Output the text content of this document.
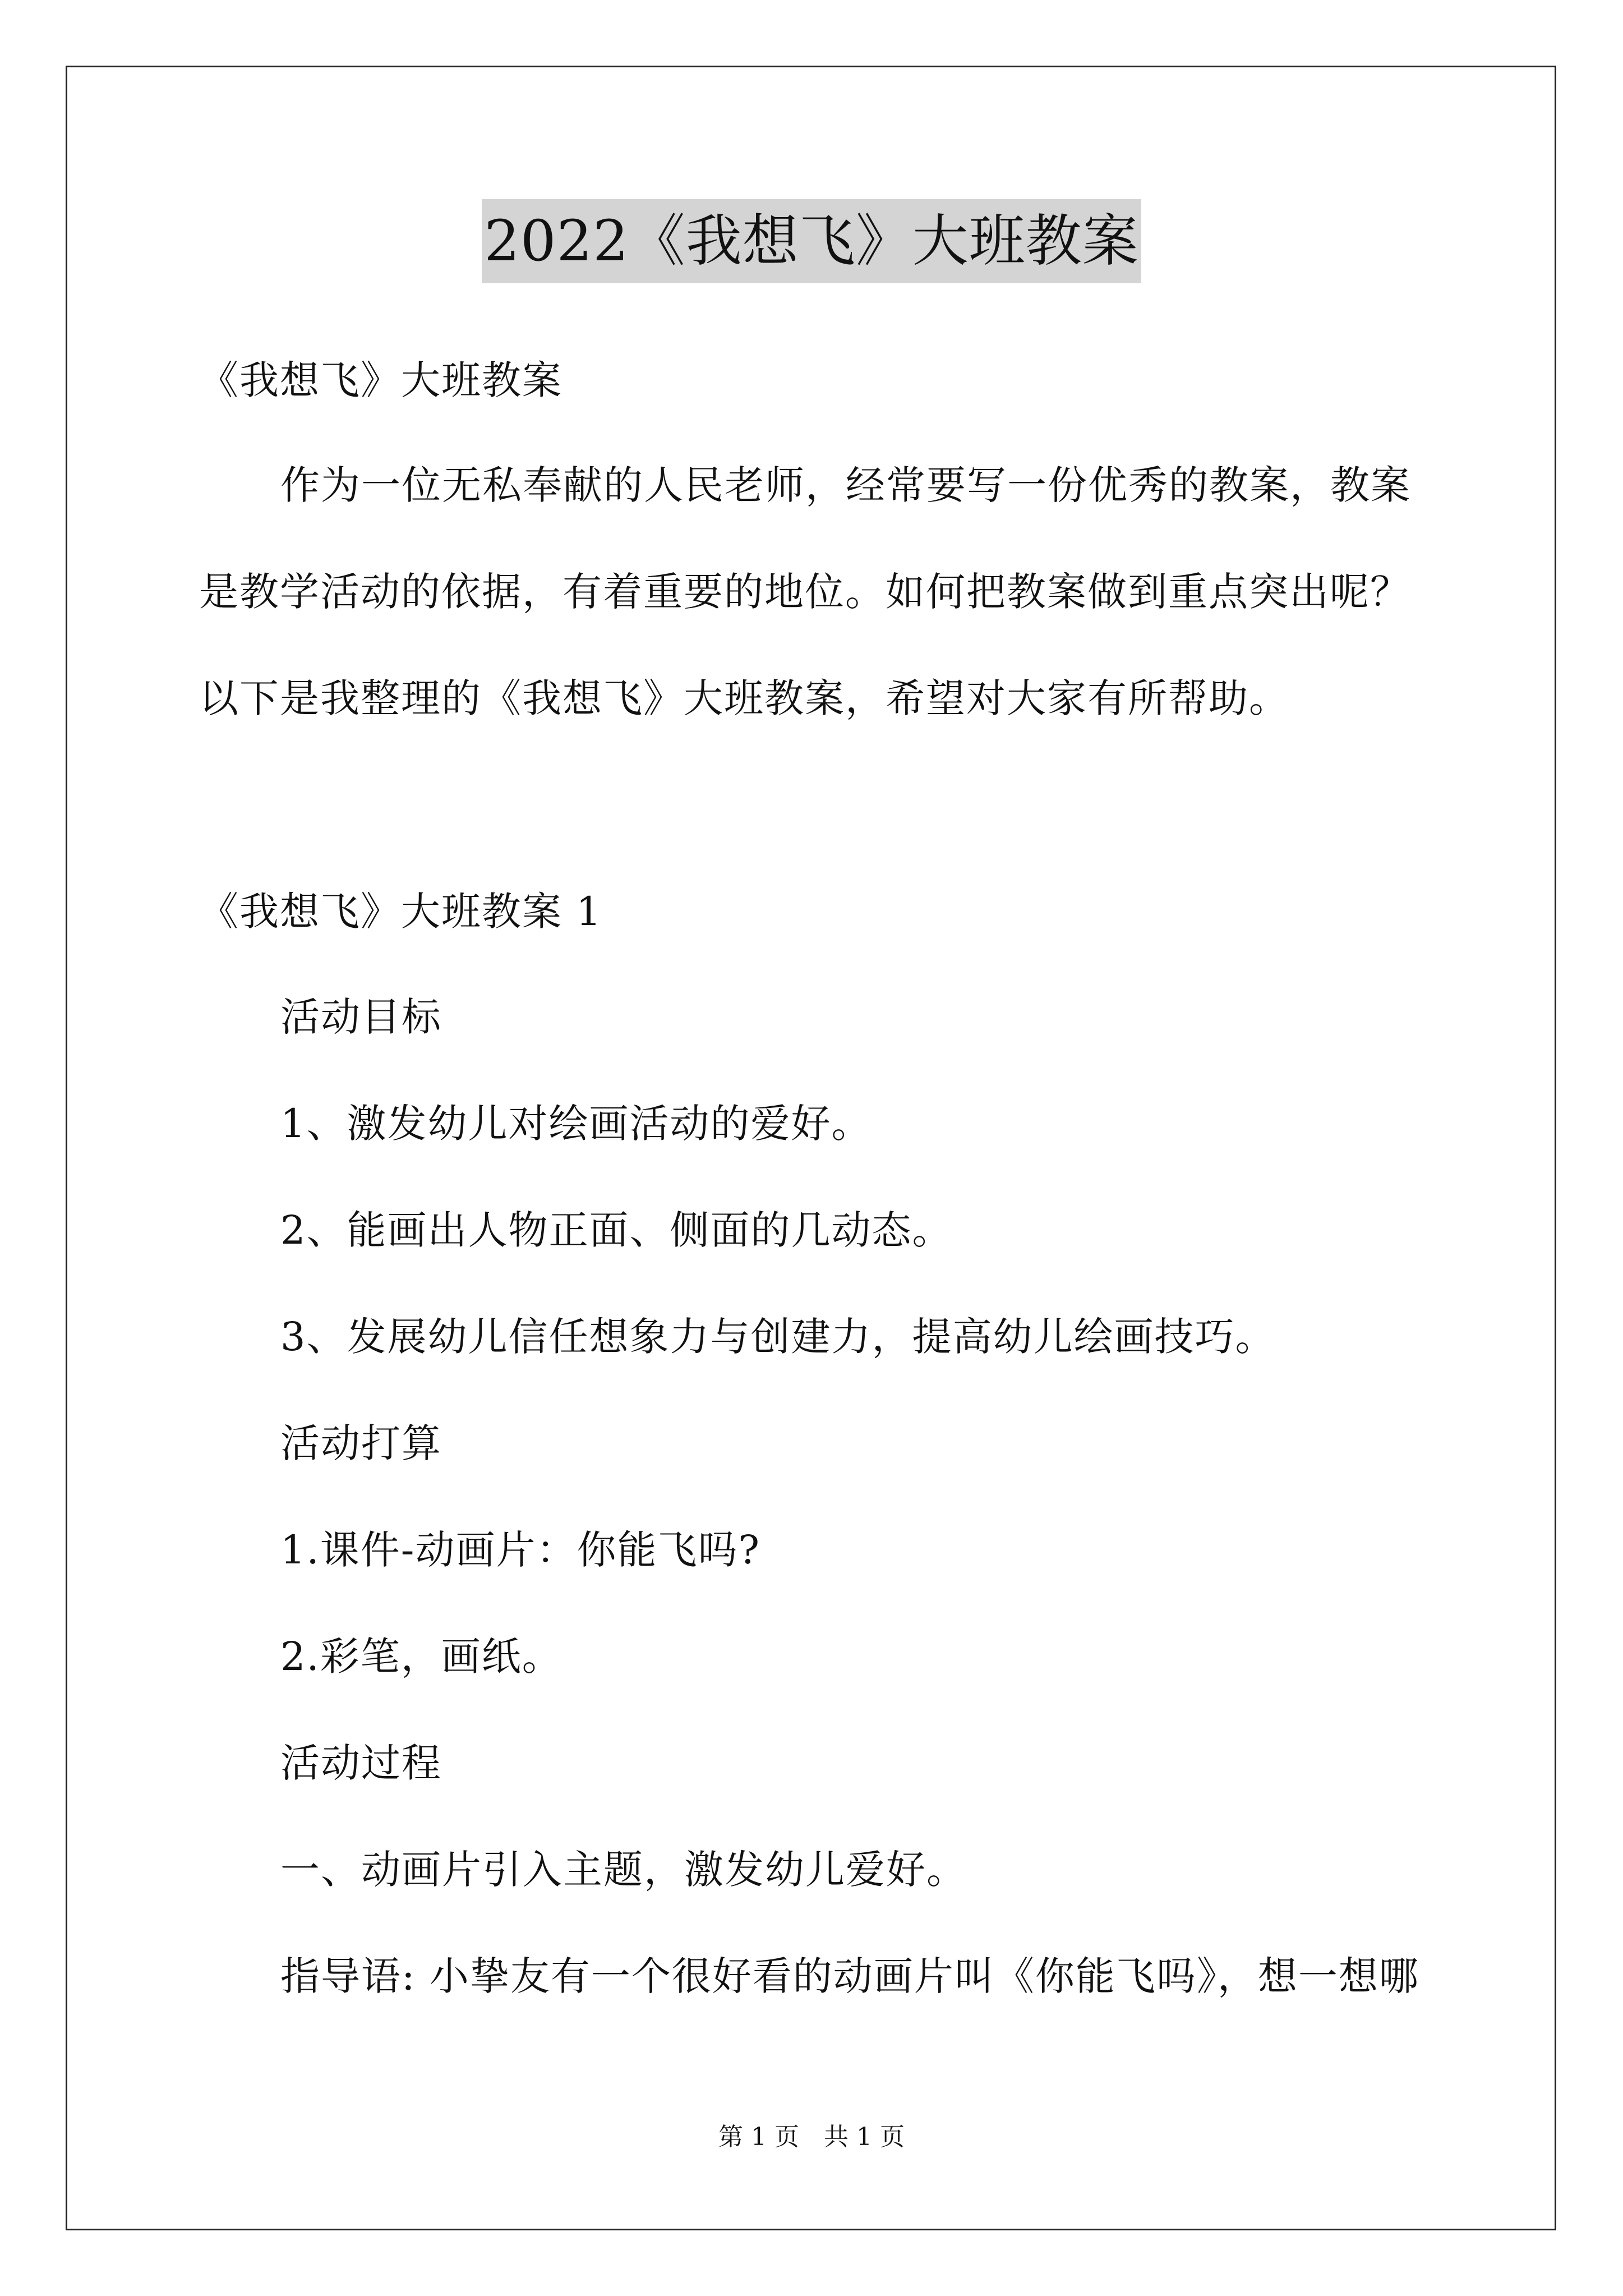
2022《我想飞》大班教案
《我想飞》大班教案
作为一位无私奉献的人民老师，经常要写一份优秀的教案，教案
是教学活动的依据，有着重要的地位。如何把教案做到重点突出呢？
以下是我整理的《我想飞》大班教案，希望对大家有所帮助。
《我想飞》大班教案 1
活动目标
1、激发幼儿对绘画活动的爱好。
2、能画出人物正面、侧面的几动态。
3、发展幼儿信任想象力与创建力，提高幼儿绘画技巧。
活动打算
1.课件-动画片：你能飞吗?
2.彩笔，画纸。
活动过程
一、动画片引入主题，激发幼儿爱好。
指导语: 小挚友有一个很好看的动画片叫《你能飞吗》，想一想哪
第 1 页　共 1 页
